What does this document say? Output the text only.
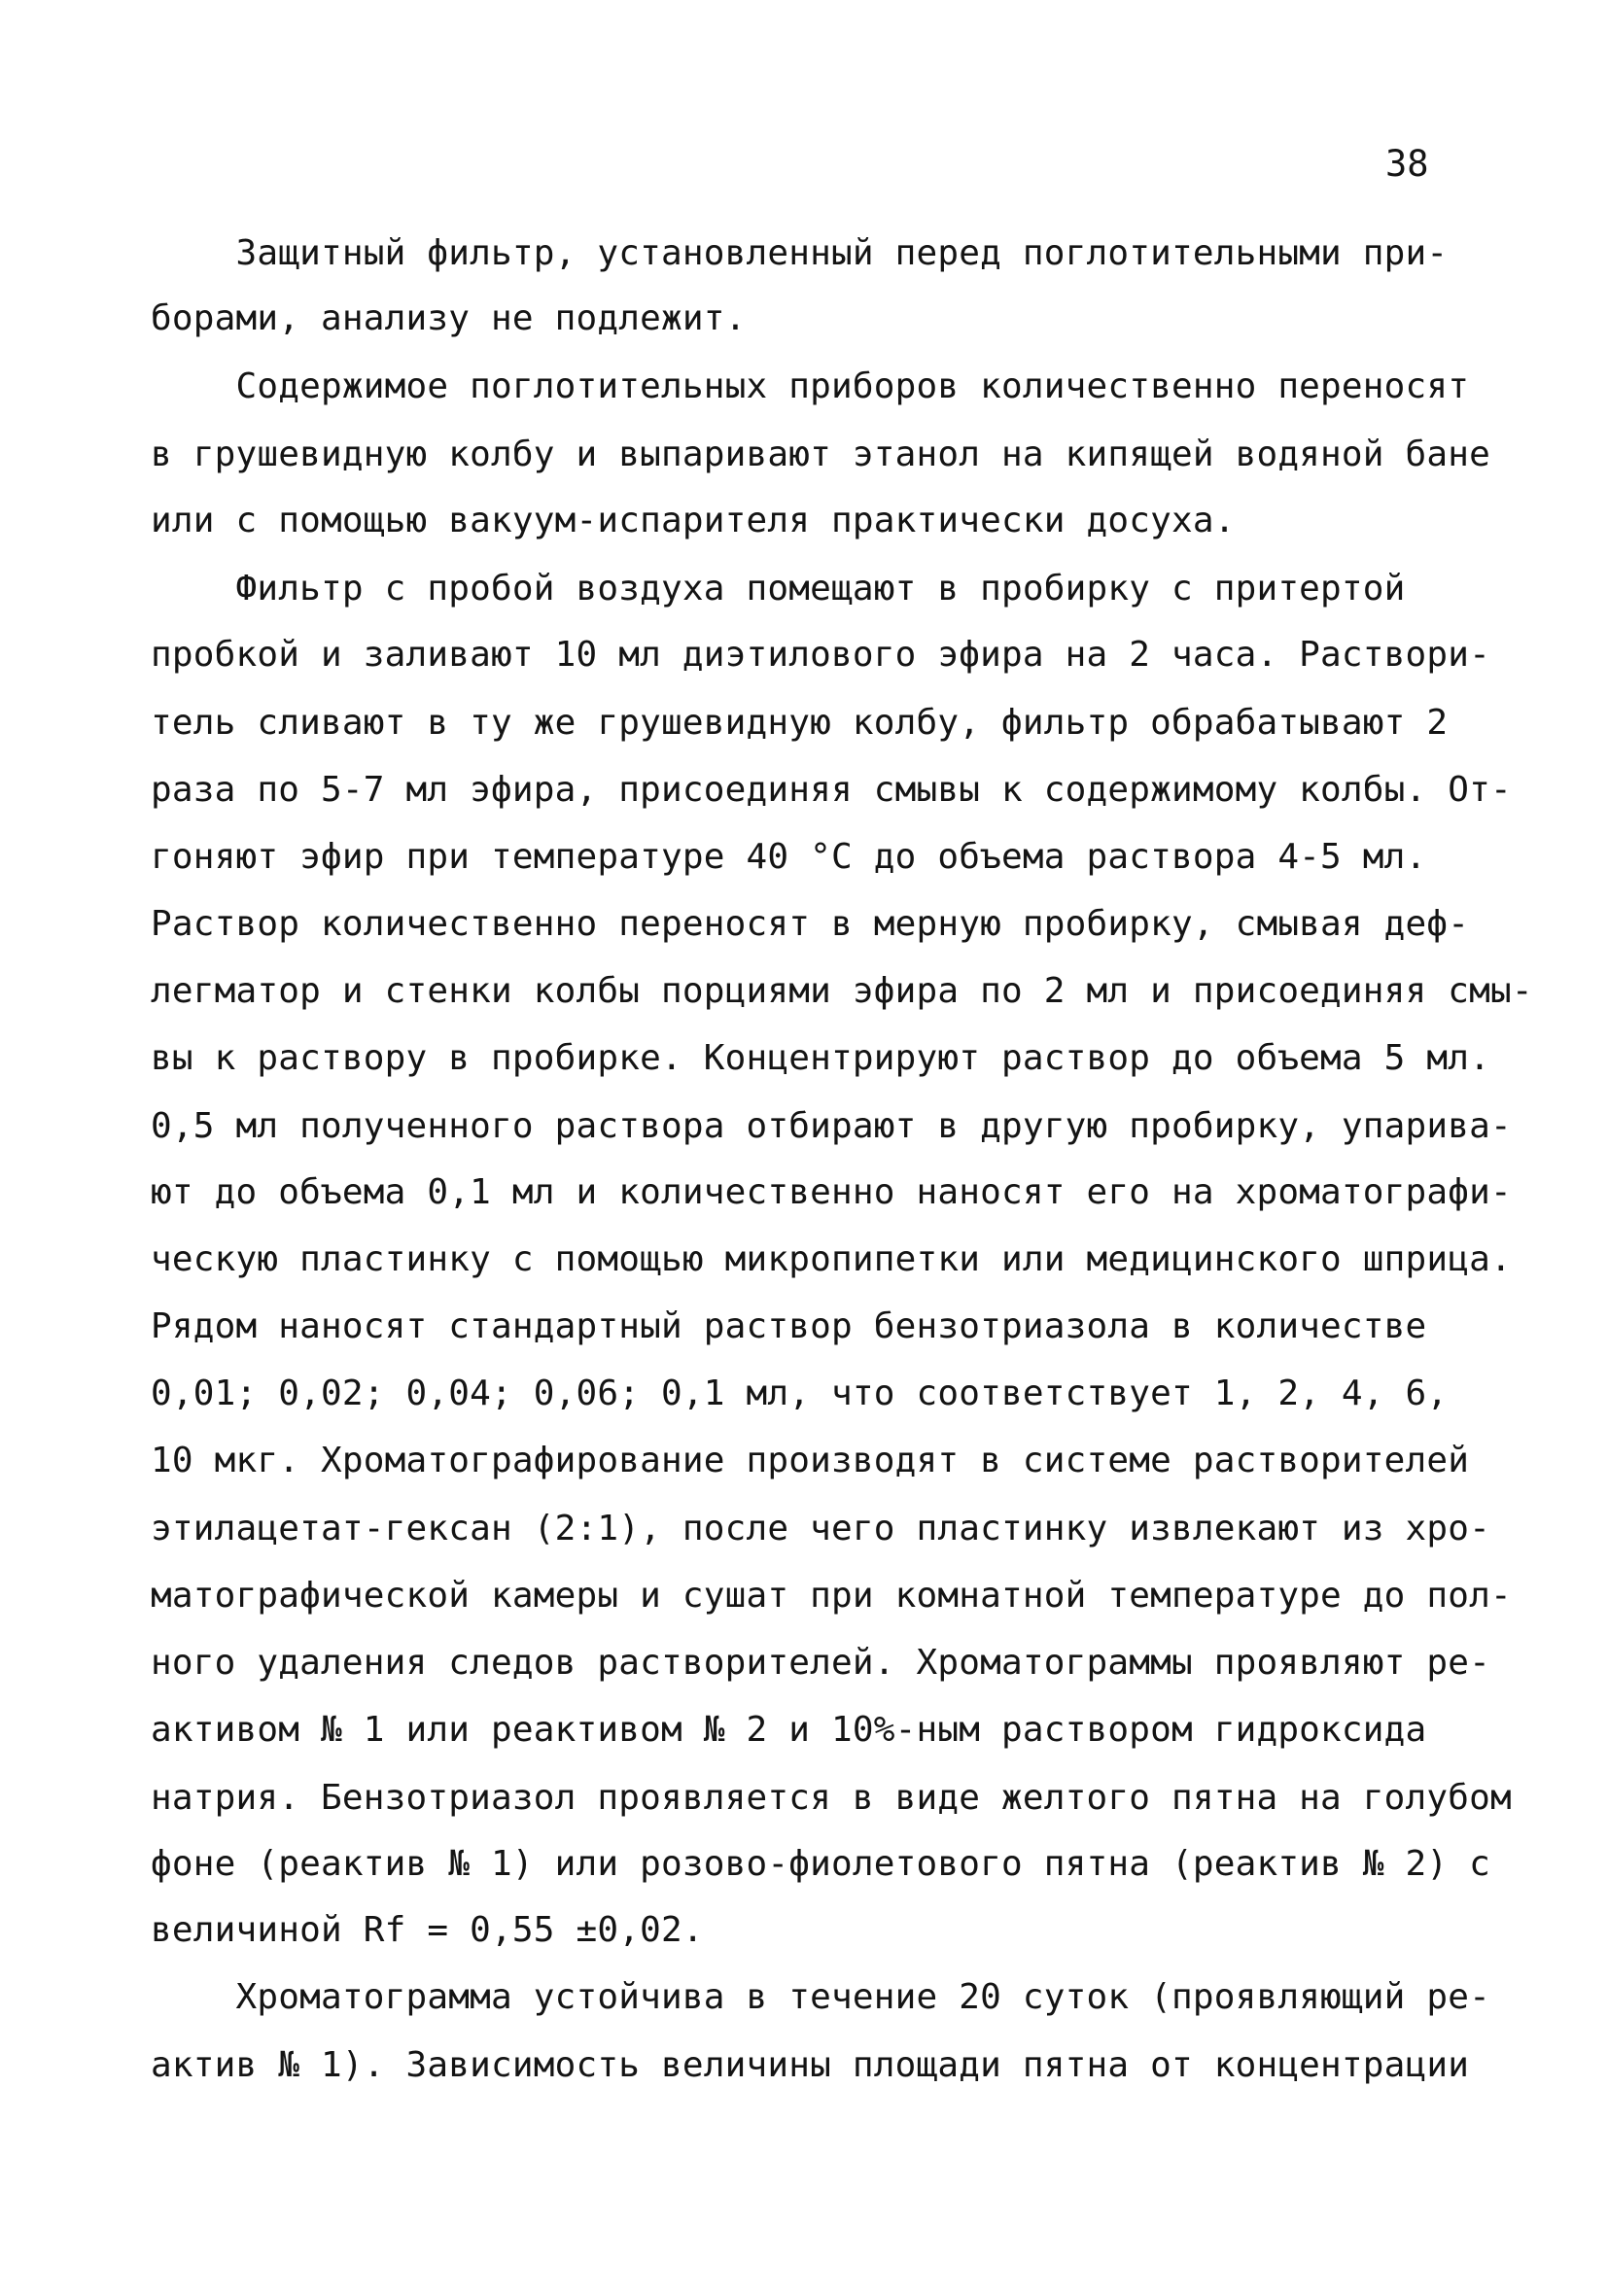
38
Защитный фильтр, установленный перед поглотительными при-
борами, анализу не подлежит.
Содержимое поглотительных приборов количественно переносят
в грушевидную колбу и выпаривают этанол на кипящей водяной бане
или с помощью вакуум-испарителя практически досуха.
Фильтр с пробой воздуха помещают в пробирку с притертой
пробкой и заливают 10 мл диэтилового эфира на 2 часа. Раствори-
тель сливают в ту же грушевидную колбу, фильтр обрабатывают 2
раза по 5-7 мл эфира, присоединяя смывы к содержимому колбы. От-
гоняют эфир при температуре 40 °С до объема раствора 4-5 мл.
Раствор количественно переносят в мерную пробирку, смывая деф-
легматор и стенки колбы порциями эфира по 2 мл и присоединяя смы-
вы к раствору в пробирке. Концентрируют раствор до объема 5 мл.
0,5 мл полученного раствора отбирают в другую пробирку, упарива-
ют до объема 0,1 мл и количественно наносят его на хроматографи-
ческую пластинку с помощью микропипетки или медицинского шприца.
Рядом наносят стандартный раствор бензотриазола в количестве
0,01; 0,02; 0,04; 0,06; 0,1 мл, что соответствует 1, 2, 4, 6,
10 мкг. Хроматографирование производят в системе растворителей
этилацетат-гексан (2:1), после чего пластинку извлекают из хро-
матографической камеры и сушат при комнатной температуре до пол-
ного удаления следов растворителей. Хроматограммы проявляют ре-
активом № 1 или реактивом № 2 и 10%-ным раствором гидроксида
натрия. Бензотриазол проявляется в виде желтого пятна на голубом
фоне (реактив № 1) или розово-фиолетового пятна (реактив № 2) с
величиной Rf = 0,55 ±0,02.
Хроматограмма устойчива в течение 20 суток (проявляющий ре-
актив № 1). Зависимость величины площади пятна от концентрации
